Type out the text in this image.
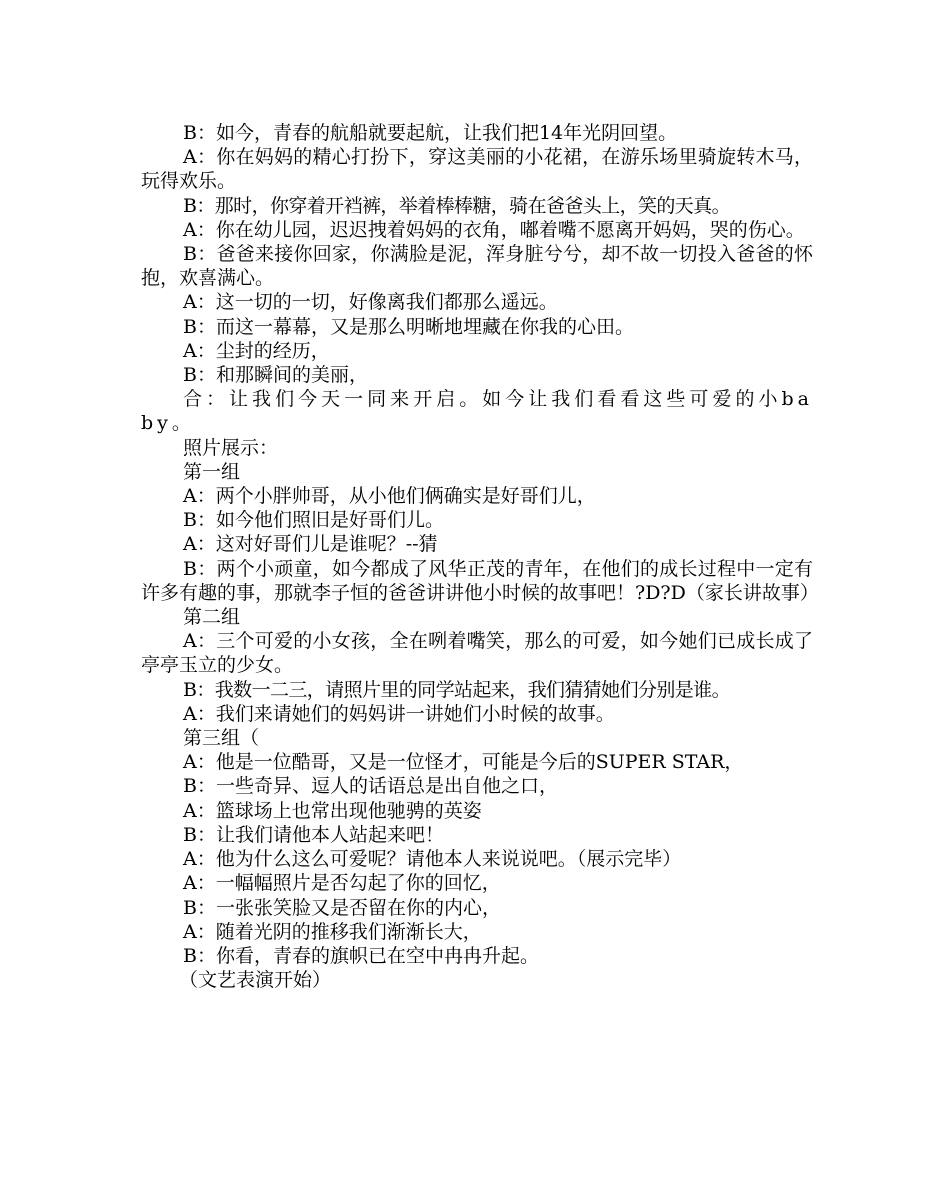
B：如今，青春的航船就要起航，让我们把14年光阴回望。

A：你在妈妈的精心打扮下，穿这美丽的小花裙，在游乐场里骑旋转木马，玩得欢乐。

B：那时，你穿着开裆裤，举着棒棒糖，骑在爸爸头上，笑的天真。

A：你在幼儿园，迟迟拽着妈妈的衣角，嘟着嘴不愿离开妈妈，哭的伤心。

B：爸爸来接你回家，你满脸是泥，浑身脏兮兮，却不故一切投入爸爸的怀抱，欢喜满心。

A：这一切的一切，好像离我们都那么遥远。

B：而这一幕幕，又是那么明晰地埋藏在你我的心田。

A：尘封的经历，

B：和那瞬间的美丽，

合：让我们今天一同来开启。如今让我们看看这些可爱的小baby。

照片展示：

第一组

A：两个小胖帅哥，从小他们俩确实是好哥们儿，

B：如今他们照旧是好哥们儿。

A：这对好哥们儿是谁呢？--猜

B：两个小顽童，如今都成了风华正茂的青年，在他们的成长过程中一定有许多有趣的事，那就李子恒的爸爸讲讲他小时候的故事吧！?D?D（家长讲故事）

第二组

A：三个可爱的小女孩，全在咧着嘴笑，那么的可爱，如今她们已成长成了亭亭玉立的少女。

B：我数一二三，请照片里的同学站起来，我们猜猜她们分别是谁。

A：我们来请她们的妈妈讲一讲她们小时候的故事。

第三组（

A：他是一位酷哥，又是一位怪才，可能是今后的SUPER STAR，

B：一些奇异、逗人的话语总是出自他之口，

A：篮球场上也常出现他驰骋的英姿

B：让我们请他本人站起来吧！

A：他为什么这么可爱呢？请他本人来说说吧。（展示完毕）

A：一幅幅照片是否勾起了你的回忆，

B：一张张笑脸又是否留在你的内心，

A：随着光阴的推移我们渐渐长大，

B：你看，青春的旗帜已在空中冉冉升起。

（文艺表演开始）
